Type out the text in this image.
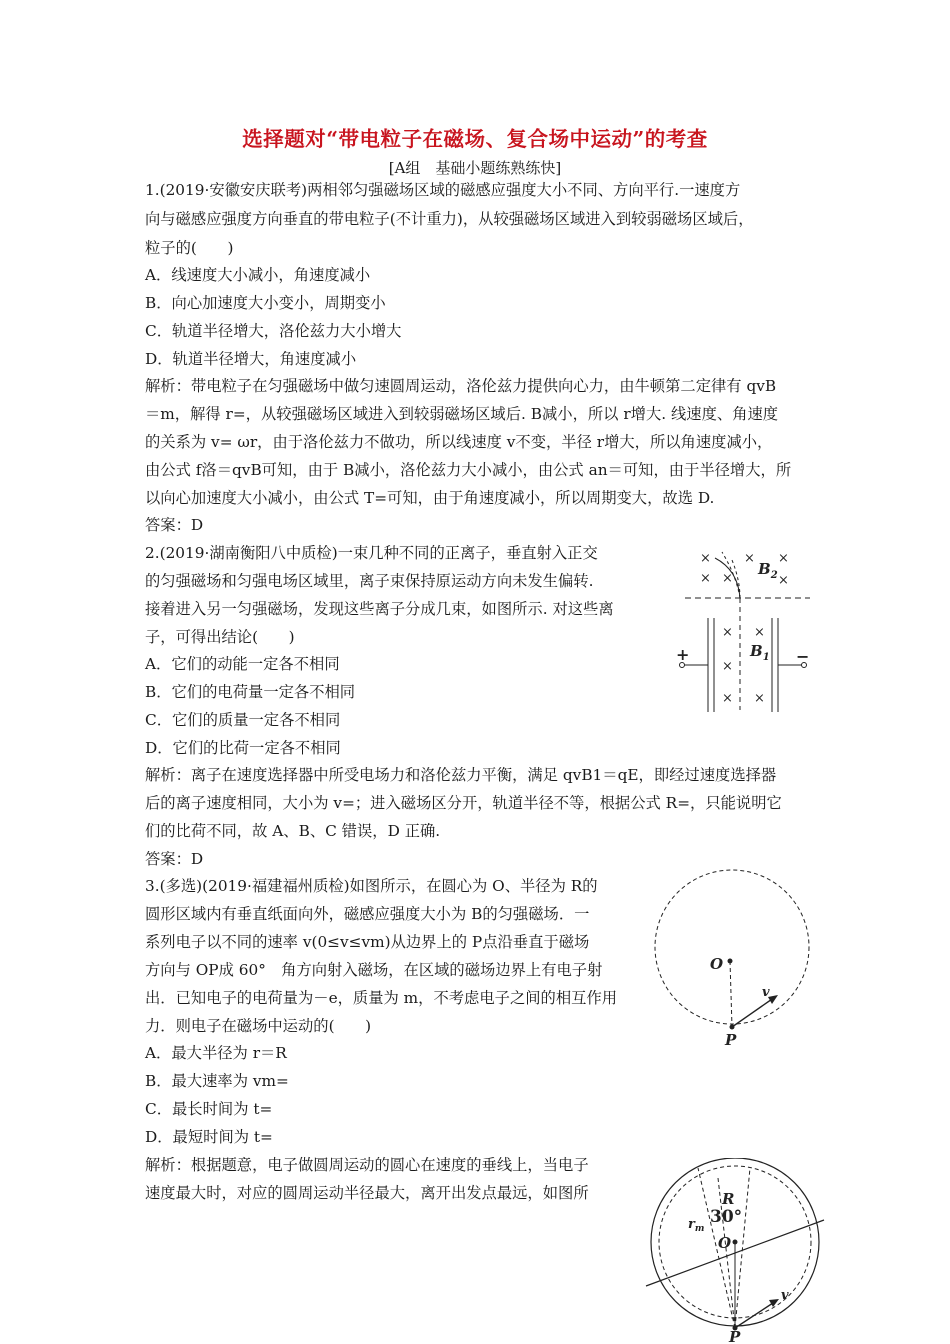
选择题对“带电粒子在磁场、复合场中运动”的考查
[A组　基础小题练熟练快]
1.(2019·安徽安庆联考)两相邻匀强磁场区域的磁感应强度大小不同、方向平行.一速度方
向与磁感应强度方向垂直的带电粒子(不计重力)，从较强磁场区域进入到较弱磁场区域后，
粒子的(　　)
A．线速度大小减小，角速度减小
B．向心加速度大小变小，周期变小
C．轨道半径增大，洛伦兹力大小增大
D．轨道半径增大，角速度减小
解析：带电粒子在匀强磁场中做匀速圆周运动，洛伦兹力提供向心力，由牛顿第二定律有 qvB
＝m，解得 r=，从较强磁场区域进入到较弱磁场区域后. B减小，所以 r增大. 线速度、角速度
的关系为 v= ωr，由于洛伦兹力不做功，所以线速度 v不变，半径 r增大，所以角速度减小，
由公式 f洛＝qvB可知，由于 B减小，洛伦兹力大小减小，由公式 an＝可知，由于半径增大，所
以向心加速度大小减小，由公式 T=可知，由于角速度减小，所以周期变大，故选 D.
答案：D
2.(2019·湖南衡阳八中质检)一束几种不同的正离子，垂直射入正交
的匀强磁场和匀强电场区域里，离子束保持原运动方向未发生偏转.
接着进入另一匀强磁场，发现这些离子分成几束，如图所示. 对这些离
子，可得出结论(　　)
A．它们的动能一定各不相同
B．它们的电荷量一定各不相同
C．它们的质量一定各不相同
D．它们的比荷一定各不相同
解析：离子在速度选择器中所受电场力和洛伦兹力平衡，满足 qvB1＝qE，即经过速度选择器
后的离子速度相同，大小为 v=；进入磁场区分开，轨道半径不等，根据公式 R=，只能说明它
们的比荷不同，故 A、B、C 错误，D 正确.
答案：D
×
× ×
× ×
×
× ×
×
×
×
$B_2$
$B_1$
+	−
3.(多选)(2019·福建福州质检)如图所示，在圆心为 O、半径为 R的
圆形区域内有垂直纸面向外，磁感应强度大小为 B的匀强磁场．一
系列电子以不同的速率 v(0≤v≤vm)从边界上的 P点沿垂直于磁场
方向与 OP成 60°　角方向射入磁场，在区域的磁场边界上有电子射
出．已知电子的电荷量为－e，质量为 m，不考虑电子之间的相互作用
力．则电子在磁场中运动的(　　)
A．最大半径为 r＝R
B．最大速率为 vm=
C．最长时间为 t=
D．最短时间为 t=
解析：根据题意，电子做圆周运动的圆心在速度的垂线上，当电子
速度最大时，对应的圆周运动半径最大，离开出发点最远，如图所
O
v
P
R
$r_m$
30°
O
v
P
